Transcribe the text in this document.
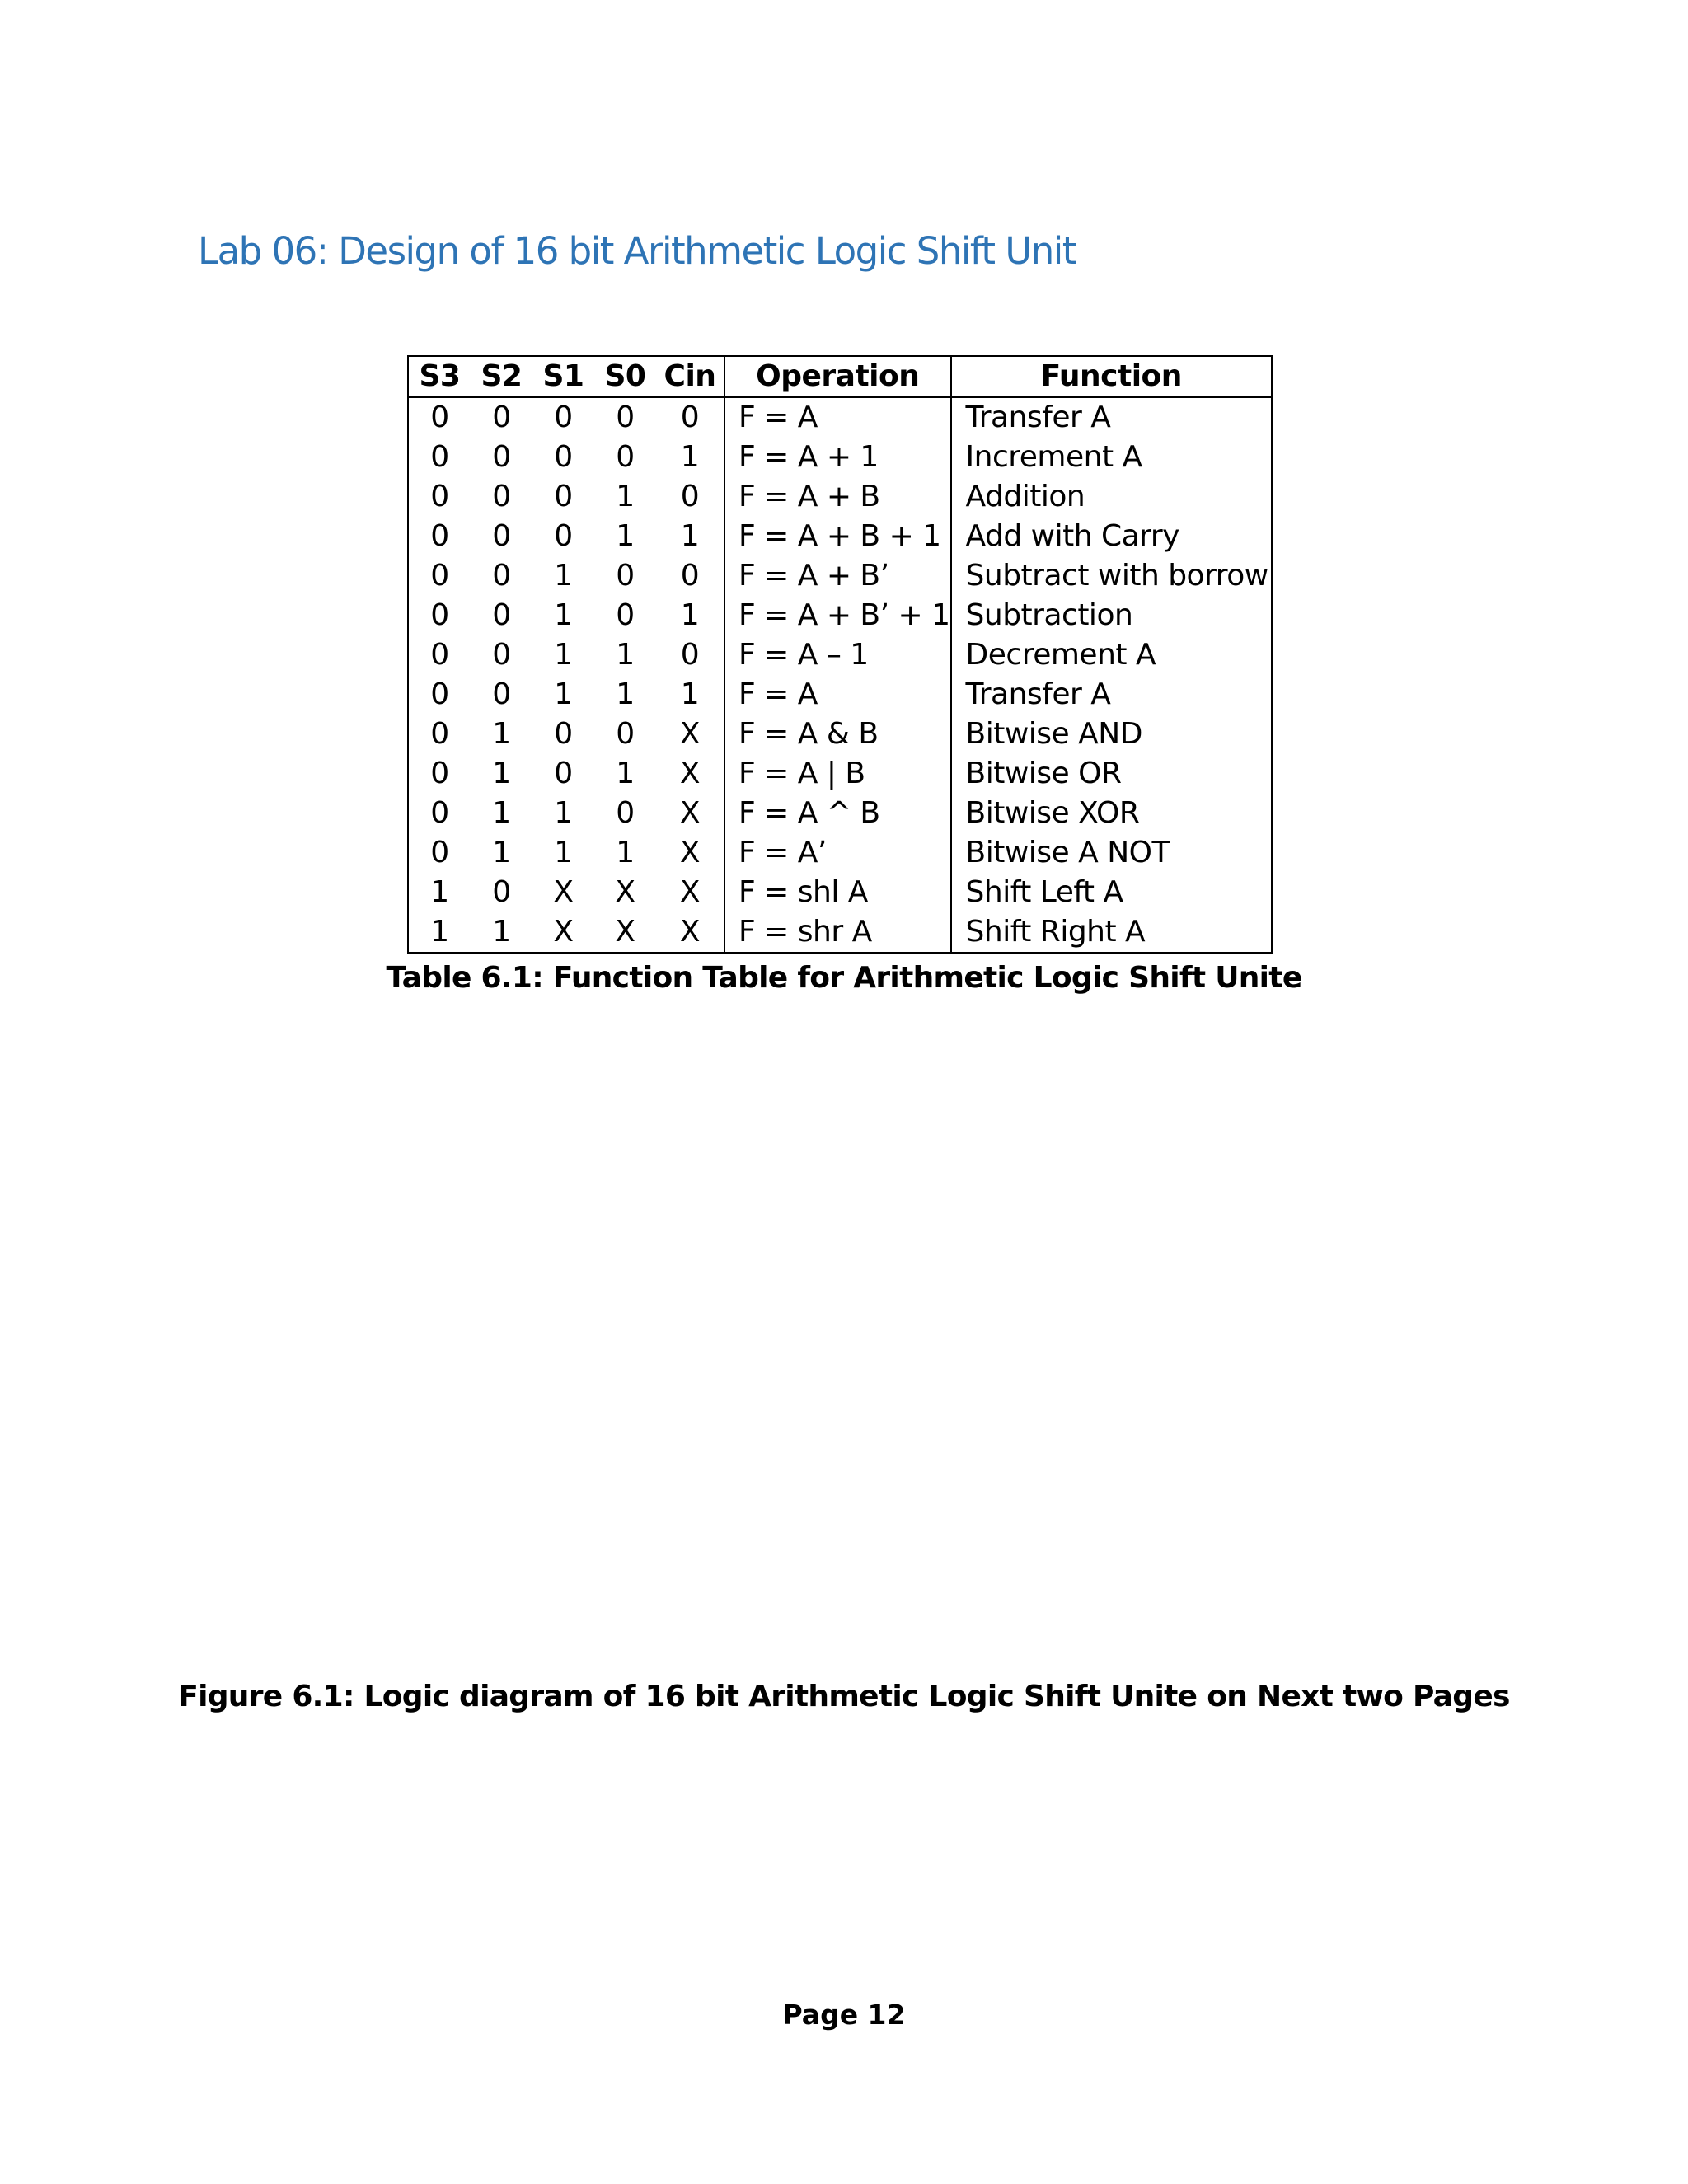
Lab 06: Design of 16 bit Arithmetic Logic Shift Unit
S3	S2	S1	S0	Cin	Operation	Function
0	0	0	0	0	F = A	Transfer A
0	0	0	0	1	F = A + 1	Increment A
0	0	0	1	0	F = A + B	Addition
0	0	0	1	1	F = A + B + 1	Add with Carry
0	0	1	0	0	F = A + B’	Subtract with borrow
0	0	1	0	1	F = A + B’ + 1	Subtraction
0	0	1	1	0	F = A – 1	Decrement A
0	0	1	1	1	F = A	Transfer A
0	1	0	0	X	F = A & B	Bitwise AND
0	1	0	1	X	F = A | B	Bitwise OR
0	1	1	0	X	F = A ^ B	Bitwise XOR
0	1	1	1	X	F = A’	Bitwise A NOT
1	0	X	X	X	F = shl A	Shift Left A
1	1	X	X	X	F = shr A	Shift Right A

Table 6.1: Function Table for Arithmetic Logic Shift Unite

Figure 6.1: Logic diagram of 16 bit Arithmetic Logic Shift Unite on Next two Pages

Page 12
